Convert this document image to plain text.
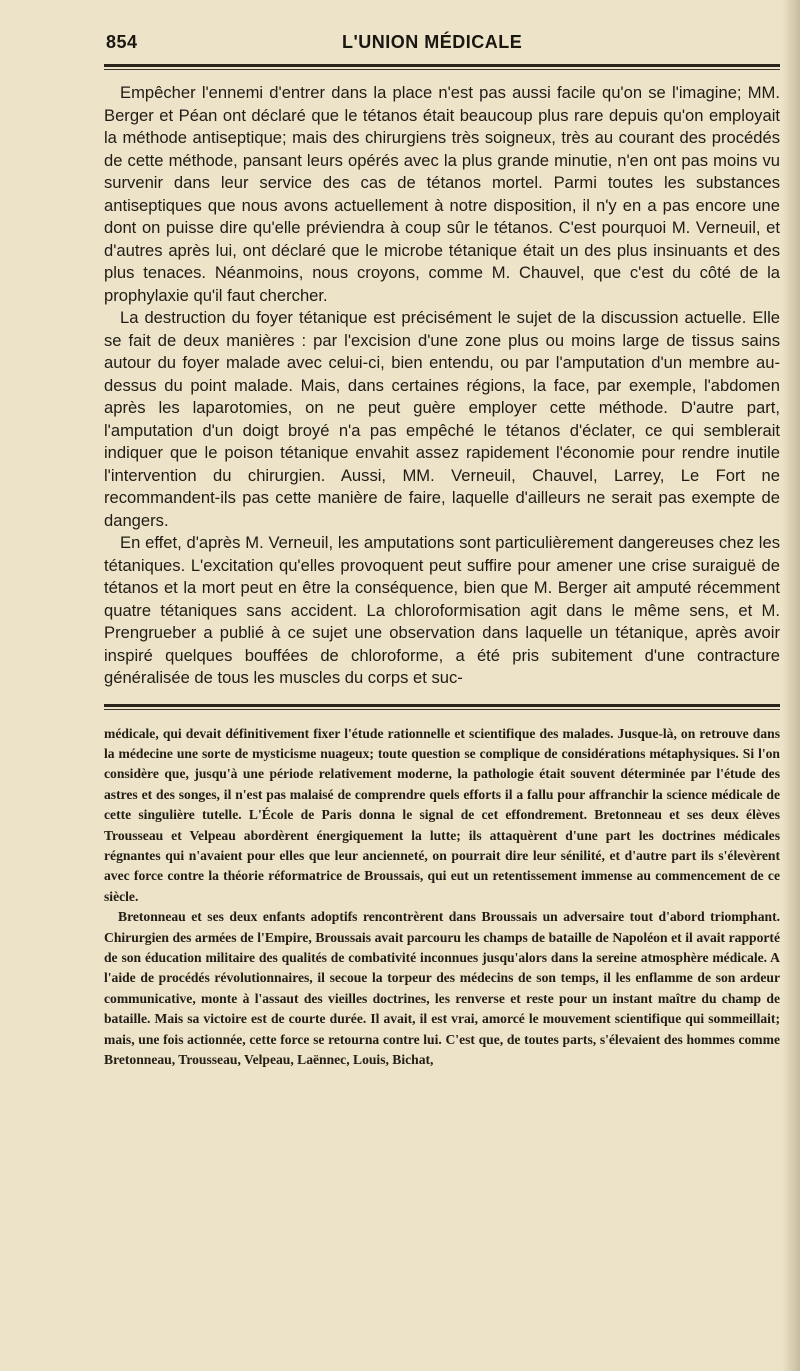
854	L'UNION MÉDICALE

Empêcher l'ennemi d'entrer dans la place n'est pas aussi facile qu'on se l'imagine; MM. Berger et Péan ont déclaré que le tétanos était beaucoup plus rare depuis qu'on employait la méthode antiseptique; mais des chirurgiens très soigneux, très au courant des procédés de cette méthode, pansant leurs opérés avec la plus grande minutie, n'en ont pas moins vu survenir dans leur service des cas de tétanos mortel. Parmi toutes les substances antiseptiques que nous avons actuellement à notre disposition, il n'y en a pas encore une dont on puisse dire qu'elle préviendra à coup sûr le tétanos. C'est pourquoi M. Verneuil, et d'autres après lui, ont déclaré que le microbe tétanique était un des plus insinuants et des plus tenaces. Néanmoins, nous croyons, comme M. Chauvel, que c'est du côté de la prophylaxie qu'il faut chercher.

La destruction du foyer tétanique est précisément le sujet de la discussion actuelle. Elle se fait de deux manières : par l'excision d'une zone plus ou moins large de tissus sains autour du foyer malade avec celui-ci, bien entendu, ou par l'amputation d'un membre au-dessus du point malade. Mais, dans certaines régions, la face, par exemple, l'abdomen après les laparotomies, on ne peut guère employer cette méthode. D'autre part, l'amputation d'un doigt broyé n'a pas empêché le tétanos d'éclater, ce qui semblerait indiquer que le poison tétanique envahit assez rapidement l'économie pour rendre inutile l'intervention du chirurgien. Aussi, MM. Verneuil, Chauvel, Larrey, Le Fort ne recommandent-ils pas cette manière de faire, laquelle d'ailleurs ne serait pas exempte de dangers.

En effet, d'après M. Verneuil, les amputations sont particulièrement dangereuses chez les tétaniques. L'excitation qu'elles provoquent peut suffire pour amener une crise suraiguë de tétanos et la mort peut en être la conséquence, bien que M. Berger ait amputé récemment quatre tétaniques sans accident. La chloroformisation agit dans le même sens, et M. Prengrueber a publié à ce sujet une observation dans laquelle un tétanique, après avoir inspiré quelques bouffées de chloroforme, a été pris subitement d'une contracture généralisée de tous les muscles du corps et suc-

médicale, qui devait définitivement fixer l'étude rationnelle et scientifique des malades. Jusque-là, on retrouve dans la médecine une sorte de mysticisme nuageux; toute question se complique de considérations métaphysiques. Si l'on considère que, jusqu'à une période relativement moderne, la pathologie était souvent déterminée par l'étude des astres et des songes, il n'est pas malaisé de comprendre quels efforts il a fallu pour affranchir la science médicale de cette singulière tutelle. L'École de Paris donna le signal de cet effondrement. Bretonneau et ses deux élèves Trousseau et Velpeau abordèrent énergiquement la lutte; ils attaquèrent d'une part les doctrines médicales régnantes qui n'avaient pour elles que leur ancienneté, on pourrait dire leur sénilité, et d'autre part ils s'élevèrent avec force contre la théorie réformatrice de Broussais, qui eut un retentissement immense au commencement de ce siècle.

Bretonneau et ses deux enfants adoptifs rencontrèrent dans Broussais un adversaire tout d'abord triomphant. Chirurgien des armées de l'Empire, Broussais avait parcouru les champs de bataille de Napoléon et il avait rapporté de son éducation militaire des qualités de combativité inconnues jusqu'alors dans la sereine atmosphère médicale. A l'aide de procédés révolutionnaires, il secoue la torpeur des médecins de son temps, il les enflamme de son ardeur communicative, monte à l'assaut des vieilles doctrines, les renverse et reste pour un instant maître du champ de bataille. Mais sa victoire est de courte durée. Il avait, il est vrai, amorcé le mouvement scientifique qui sommeillait; mais, une fois actionnée, cette force se retourna contre lui. C'est que, de toutes parts, s'élevaient des hommes comme Bretonneau, Trousseau, Velpeau, Laënnec, Louis, Bichat,
